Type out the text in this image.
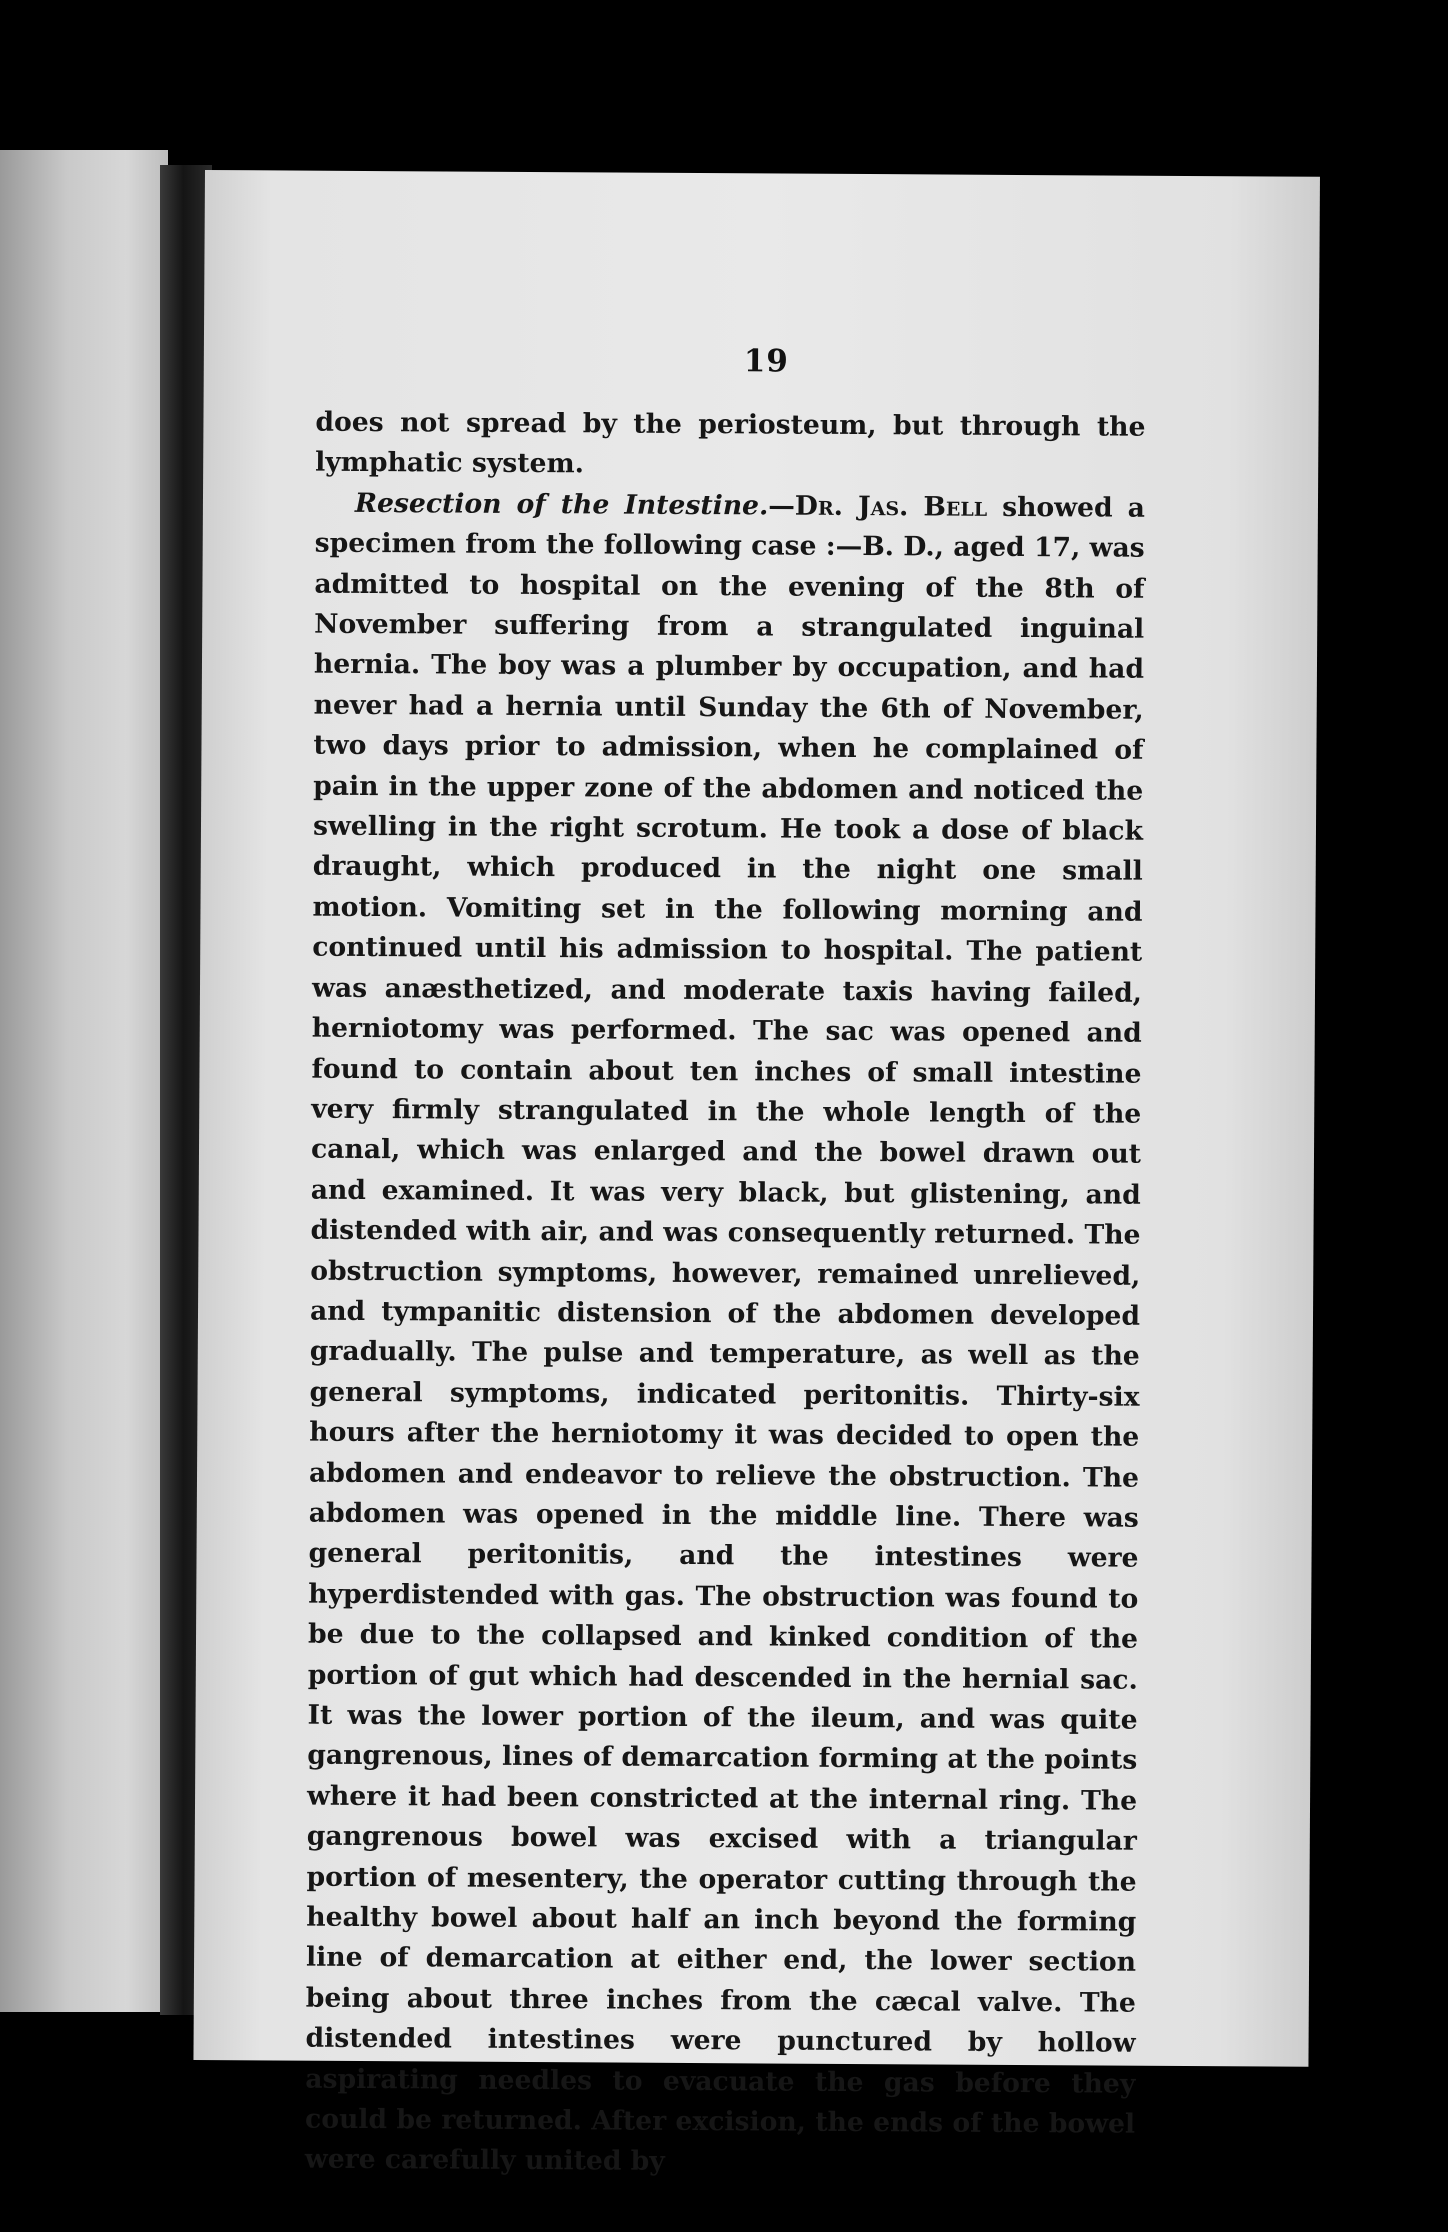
19

does not spread by the periosteum, but through the lymphatic system.

Resection of the Intestine.—Dr. Jas. Bell showed a specimen from the following case :—B. D., aged 17, was admitted to hospital on the evening of the 8th of November suffering from a strangulated inguinal hernia. The boy was a plumber by occupation, and had never had a hernia until Sunday the 6th of November, two days prior to admission, when he complained of pain in the upper zone of the abdomen and noticed the swelling in the right scrotum. He took a dose of black draught, which produced in the night one small motion. Vomiting set in the following morning and continued until his admission to hospital. The patient was anæsthetized, and moderate taxis having failed, herniotomy was performed. The sac was opened and found to contain about ten inches of small intestine very firmly strangulated in the whole length of the canal, which was enlarged and the bowel drawn out and examined. It was very black, but glistening, and distended with air, and was consequently returned. The obstruction symptoms, however, remained unrelieved, and tympanitic distension of the abdomen developed gradually. The pulse and temperature, as well as the general symptoms, indicated peritonitis. Thirty-six hours after the herniotomy it was decided to open the abdomen and endeavor to relieve the obstruction. The abdomen was opened in the middle line. There was general peritonitis, and the intestines were hyperdistended with gas. The obstruction was found to be due to the collapsed and kinked condition of the portion of gut which had descended in the hernial sac. It was the lower portion of the ileum, and was quite gangrenous, lines of demarcation forming at the points where it had been constricted at the internal ring. The gangrenous bowel was excised with a triangular portion of mesentery, the operator cutting through the healthy bowel about half an inch beyond the forming line of demarcation at either end, the lower section being about three inches from the cæcal valve. The distended intestines were punctured by hollow aspirating needles to evacuate the gas before they could be returned. After excision, the ends of the bowel were carefully united by
